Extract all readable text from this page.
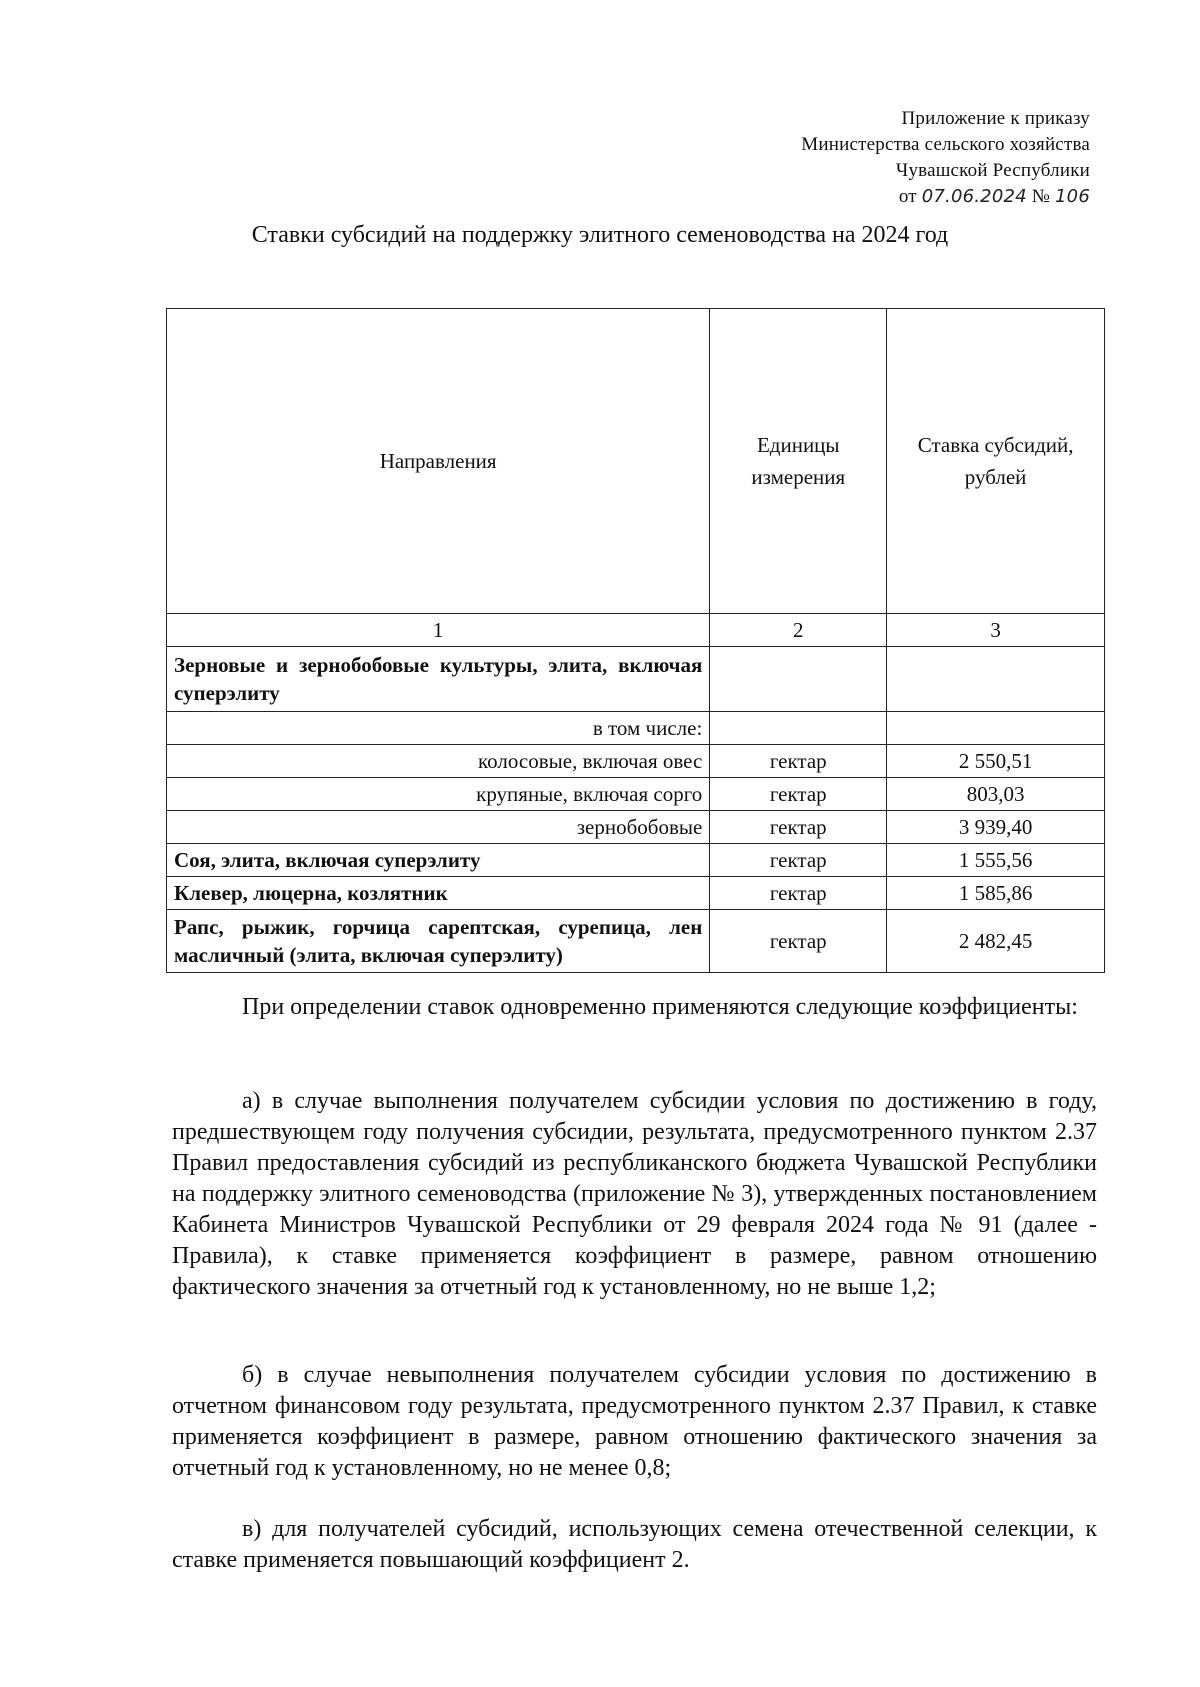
Приложение к приказу
Министерства сельского хозяйства
Чувашской Республики
от 07.06.2024 № 106
Ставки субсидий на поддержку элитного семеноводства на 2024 год
Направления	Единицы измерения	Ставка субсидий, рублей
1	2	3
Зерновые и зернобобовые культуры, элита, включая суперэлиту		
в том числе:		
колосовые, включая овес	гектар	2 550,51
крупяные, включая сорго	гектар	803,03
зернобобовые	гектар	3 939,40
Соя, элита, включая суперэлиту	гектар	1 555,56
Клевер, люцерна, козлятник	гектар	1 585,86
Рапс, рыжик, горчица сарептская, сурепица, лен масличный (элита, включая суперэлиту)	гектар	2 482,45
При определении ставок одновременно применяются следующие коэффициенты:
а) в случае выполнения получателем субсидии условия по достижению в году, предшествующем году получения субсидии, результата, предусмотренного пунктом 2.37 Правил предоставления субсидий из республиканского бюджета Чувашской Республики на поддержку элитного семеноводства (приложение № 3), утвержденных постановлением Кабинета Министров Чувашской Республики от 29 февраля 2024 года № 91 (далее - Правила), к ставке применяется коэффициент в размере, равном отношению фактического значения за отчетный год к установленному, но не выше 1,2;
б) в случае невыполнения получателем субсидии условия по достижению в отчетном финансовом году результата, предусмотренного пунктом 2.37 Правил, к ставке применяется коэффициент в размере, равном отношению фактического значения за отчетный год к установленному, но не менее 0,8;
в) для получателей субсидий, использующих семена отечественной селекции, к ставке применяется повышающий коэффициент 2.
